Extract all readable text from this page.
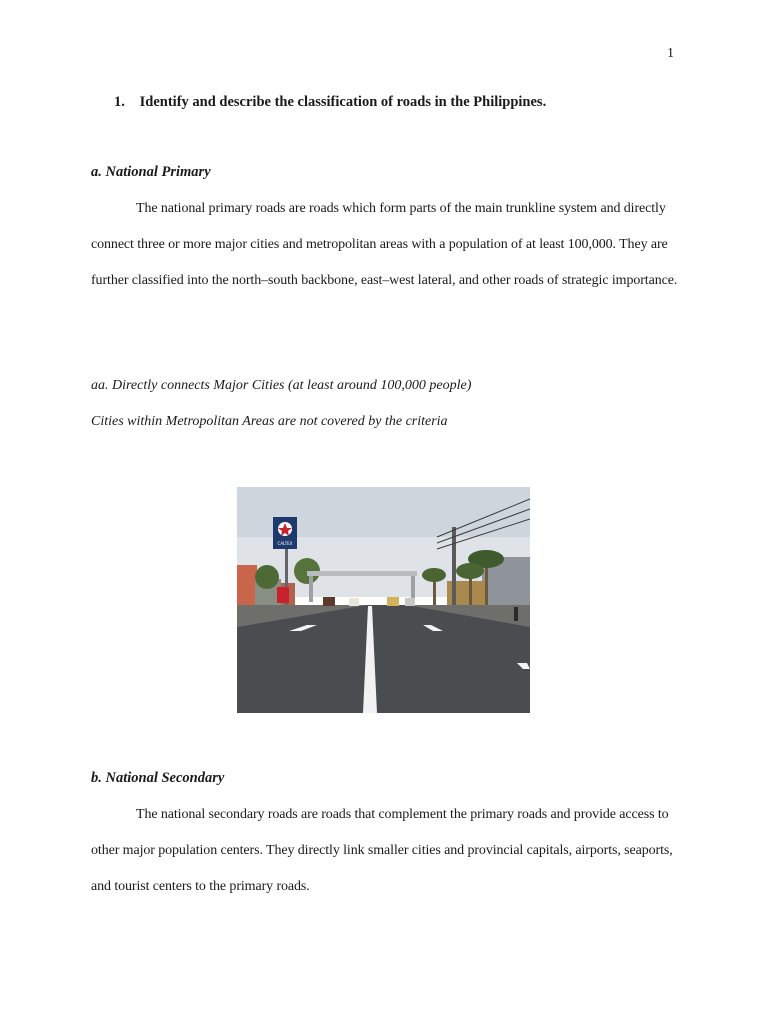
1
1. Identify and describe the classification of roads in the Philippines.
a. National Primary
The national primary roads are roads which form parts of the main trunkline system and directly connect three or more major cities and metropolitan areas with a population of at least 100,000. They are further classified into the north–south backbone, east–west lateral, and other roads of strategic importance.
aa. Directly connects Major Cities (at least around 100,000 people)
Cities within Metropolitan Areas are not covered by the criteria
CALTEX
b. National Secondary
The national secondary roads are roads that complement the primary roads and provide access to other major population centers. They directly link smaller cities and provincial capitals, airports, seaports, and tourist centers to the primary roads.
